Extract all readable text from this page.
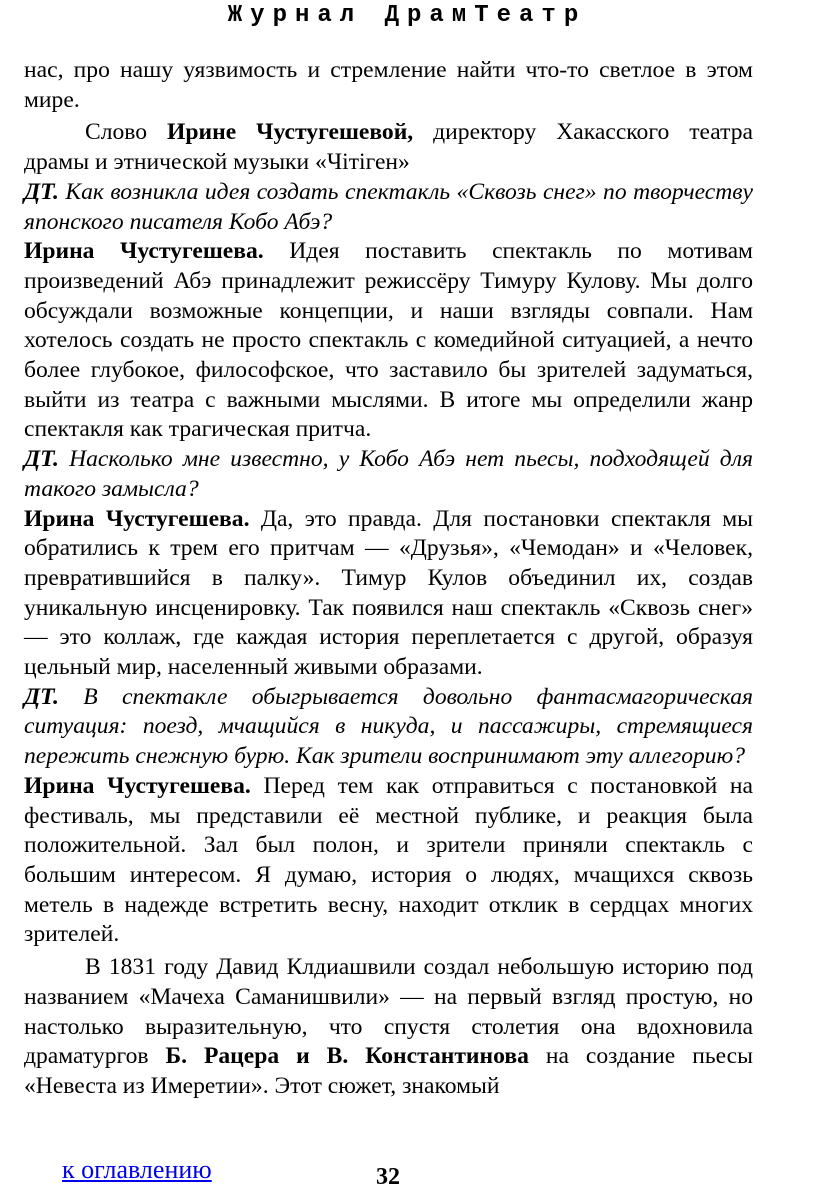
Журнал ДрамТеатр

нас, про нашу уязвимость и стремление найти что-то светлое в этом мире.

Слово Ирине Чустугешевой, директору Хакасского театра драмы и этнической музыки «Чітiген»

ДТ. Как возникла идея создать спектакль «Сквозь снег» по творчеству японского писателя Кобо Абэ?

Ирина Чустугешева. Идея поставить спектакль по мотивам произведений Абэ принадлежит режиссёру Тимуру Кулову. Мы долго обсуждали возможные концепции, и наши взгляды совпали. Нам хотелось создать не просто спектакль с комедийной ситуацией, а нечто более глубокое, философское, что заставило бы зрителей задуматься, выйти из театра с важными мыслями. В итоге мы определили жанр спектакля как трагическая притча.

ДТ. Насколько мне известно, у Кобо Абэ нет пьесы, подходящей для такого замысла?

Ирина Чустугешева. Да, это правда. Для постановки спектакля мы обратились к трем его притчам — «Друзья», «Чемодан» и «Человек, превратившийся в палку». Тимур Кулов объединил их, создав уникальную инсценировку. Так появился наш спектакль «Сквозь снег» — это коллаж, где каждая история переплетается с другой, образуя цельный мир, населенный живыми образами.

ДТ. В спектакле обыгрывается довольно фантасмагорическая ситуация: поезд, мчащийся в никуда, и пассажиры, стремящиеся пережить снежную бурю. Как зрители воспринимают эту аллегорию?

Ирина Чустугешева. Перед тем как отправиться с постановкой на фестиваль, мы представили её местной публике, и реакция была положительной. Зал был полон, и зрители приняли спектакль с большим интересом. Я думаю, история о людях, мчащихся сквозь метель в надежде встретить весну, находит отклик в сердцах многих зрителей.

В 1831 году Давид Клдиашвили создал небольшую историю под названием «Мачеха Саманишвили» — на первый взгляд простую, но настолько выразительную, что спустя столетия она вдохновила драматургов Б. Рацера и В. Константинова на создание пьесы «Невеста из Имеретии». Этот сюжет, знакомый

к оглавлению	32
